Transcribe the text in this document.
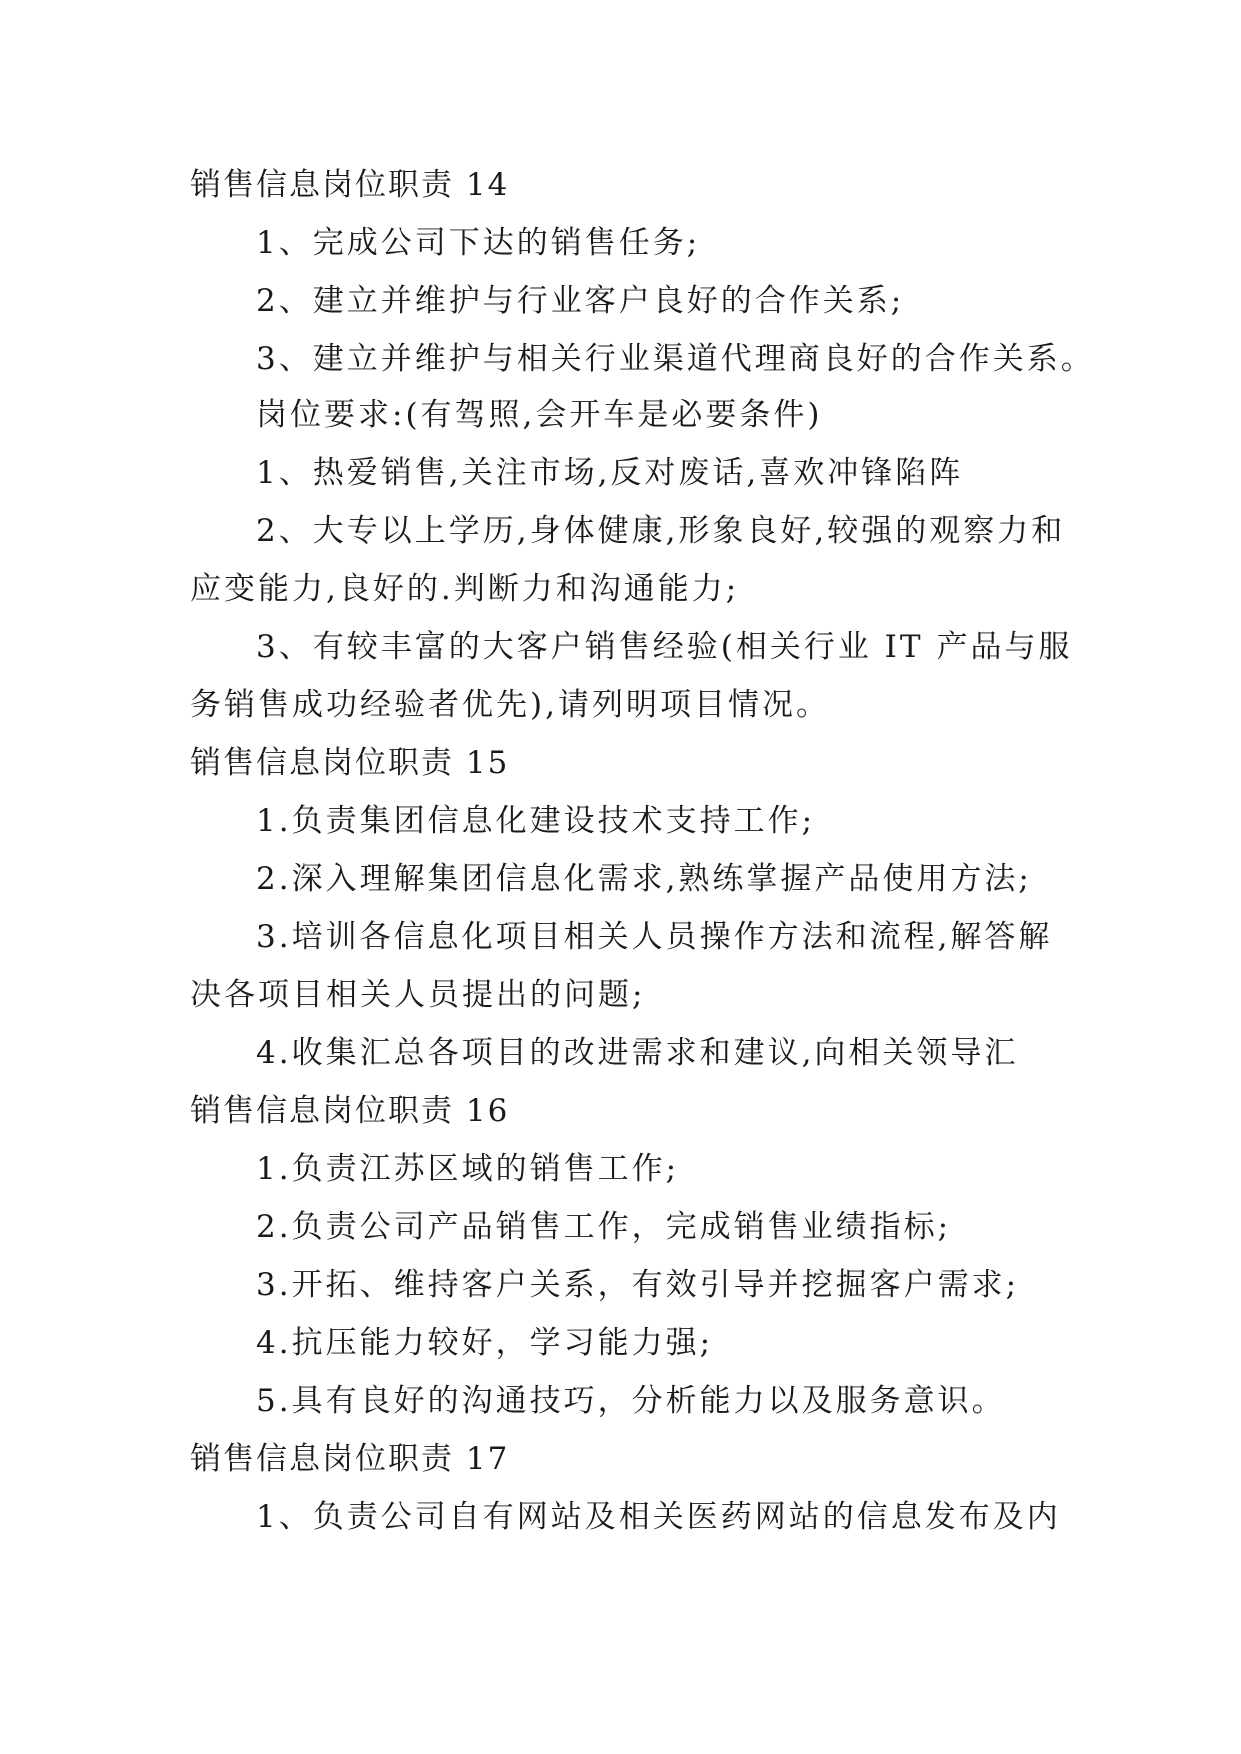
销售信息岗位职责 14
1、完成公司下达的销售任务;
2、建立并维护与行业客户良好的合作关系;
3、建立并维护与相关行业渠道代理商良好的合作关系。
岗位要求:(有驾照,会开车是必要条件)
1、热爱销售,关注市场,反对废话,喜欢冲锋陷阵
2、大专以上学历,身体健康,形象良好,较强的观察力和
应变能力,良好的.判断力和沟通能力;
3、有较丰富的大客户销售经验(相关行业 IT 产品与服
务销售成功经验者优先),请列明项目情况。
销售信息岗位职责 15
1.负责集团信息化建设技术支持工作;
2.深入理解集团信息化需求,熟练掌握产品使用方法;
3.培训各信息化项目相关人员操作方法和流程,解答解
决各项目相关人员提出的问题;
4.收集汇总各项目的改进需求和建议,向相关领导汇
销售信息岗位职责 16
1.负责江苏区域的销售工作;
2.负责公司产品销售工作，完成销售业绩指标;
3.开拓、维持客户关系，有效引导并挖掘客户需求;
4.抗压能力较好，学习能力强;
5.具有良好的沟通技巧，分析能力以及服务意识。
销售信息岗位职责 17
1、负责公司自有网站及相关医药网站的信息发布及内
